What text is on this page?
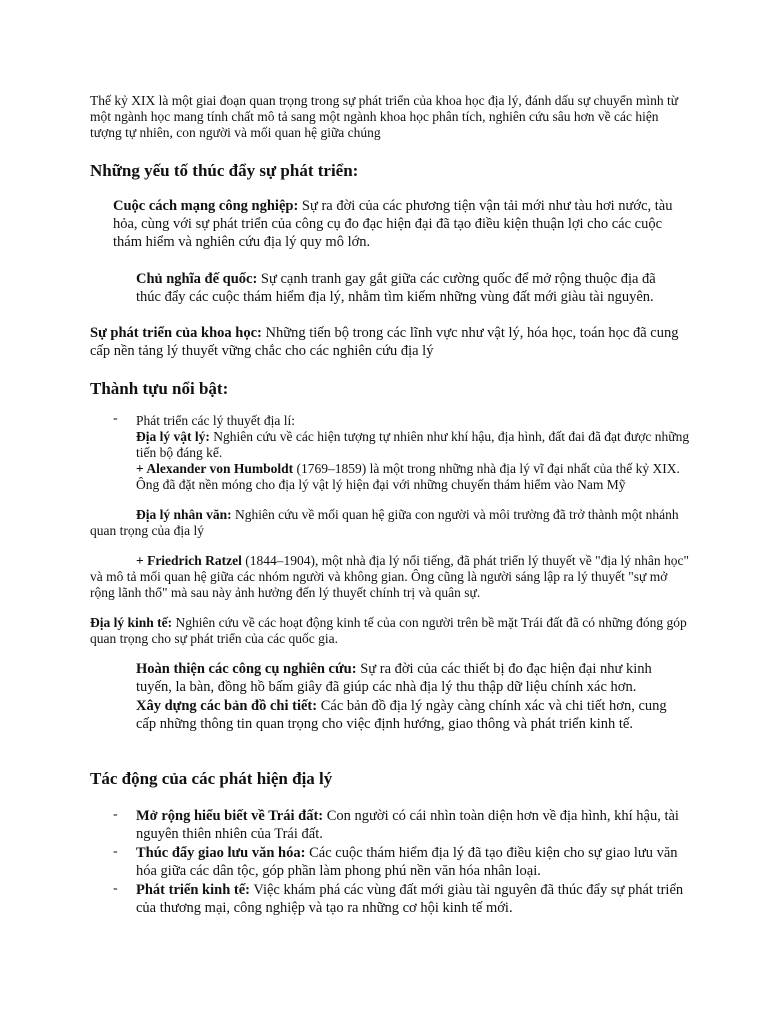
Thế kỷ XIX là một giai đoạn quan trọng trong sự phát triển của khoa học địa lý, đánh dấu sự chuyển mình từ một ngành học mang tính chất mô tả sang một ngành khoa học phân tích, nghiên cứu sâu hơn về các hiện tượng tự nhiên, con người và mối quan hệ giữa chúng

Những yếu tố thúc đẩy sự phát triển:

Cuộc cách mạng công nghiệp: Sự ra đời của các phương tiện vận tải mới như tàu hơi nước, tàu hỏa, cùng với sự phát triển của công cụ đo đạc hiện đại đã tạo điều kiện thuận lợi cho các cuộc thám hiểm và nghiên cứu địa lý quy mô lớn.

Chủ nghĩa đế quốc: Sự cạnh tranh gay gắt giữa các cường quốc để mở rộng thuộc địa đã thúc đẩy các cuộc thám hiểm địa lý, nhằm tìm kiếm những vùng đất mới giàu tài nguyên.

Sự phát triển của khoa học: Những tiến bộ trong các lĩnh vực như vật lý, hóa học, toán học đã cung cấp nền tảng lý thuyết vững chắc cho các nghiên cứu địa lý

Thành tựu nổi bật:
- Phát triển các lý thuyết địa lí:

Địa lý vật lý: Nghiên cứu về các hiện tượng tự nhiên như khí hậu, địa hình, đất đai đã đạt được những tiến bộ đáng kể.

+ Alexander von Humboldt (1769–1859) là một trong những nhà địa lý vĩ đại nhất của thế kỷ XIX. Ông đã đặt nền móng cho địa lý vật lý hiện đại với những chuyến thám hiểm vào Nam Mỹ

Địa lý nhân văn: Nghiên cứu về mối quan hệ giữa con người và môi trường đã trở thành một nhánh quan trọng của địa lý

+ Friedrich Ratzel (1844–1904), một nhà địa lý nổi tiếng, đã phát triển lý thuyết về "địa lý nhân học" và mô tả mối quan hệ giữa các nhóm người và không gian. Ông cũng là người sáng lập ra lý thuyết "sự mở rộng lãnh thổ" mà sau này ảnh hưởng đến lý thuyết chính trị và quân sự.

Địa lý kinh tế: Nghiên cứu về các hoạt động kinh tế của con người trên bề mặt Trái đất đã có những đóng góp quan trọng cho sự phát triển của các quốc gia.

Hoàn thiện các công cụ nghiên cứu: Sự ra đời của các thiết bị đo đạc hiện đại như kinh tuyến, la bàn, đồng hồ bấm giây đã giúp các nhà địa lý thu thập dữ liệu chính xác hơn.

Xây dựng các bản đồ chi tiết: Các bản đồ địa lý ngày càng chính xác và chi tiết hơn, cung cấp những thông tin quan trọng cho việc định hướng, giao thông và phát triển kinh tế.

Tác động của các phát hiện địa lý
- Mở rộng hiểu biết về Trái đất: Con người có cái nhìn toàn diện hơn về địa hình, khí hậu, tài nguyên thiên nhiên của Trái đất.

- Thúc đẩy giao lưu văn hóa: Các cuộc thám hiểm địa lý đã tạo điều kiện cho sự giao lưu văn hóa giữa các dân tộc, góp phần làm phong phú nền văn hóa nhân loại.

- Phát triển kinh tế: Việc khám phá các vùng đất mới giàu tài nguyên đã thúc đẩy sự phát triển của thương mại, công nghiệp và tạo ra những cơ hội kinh tế mới.
